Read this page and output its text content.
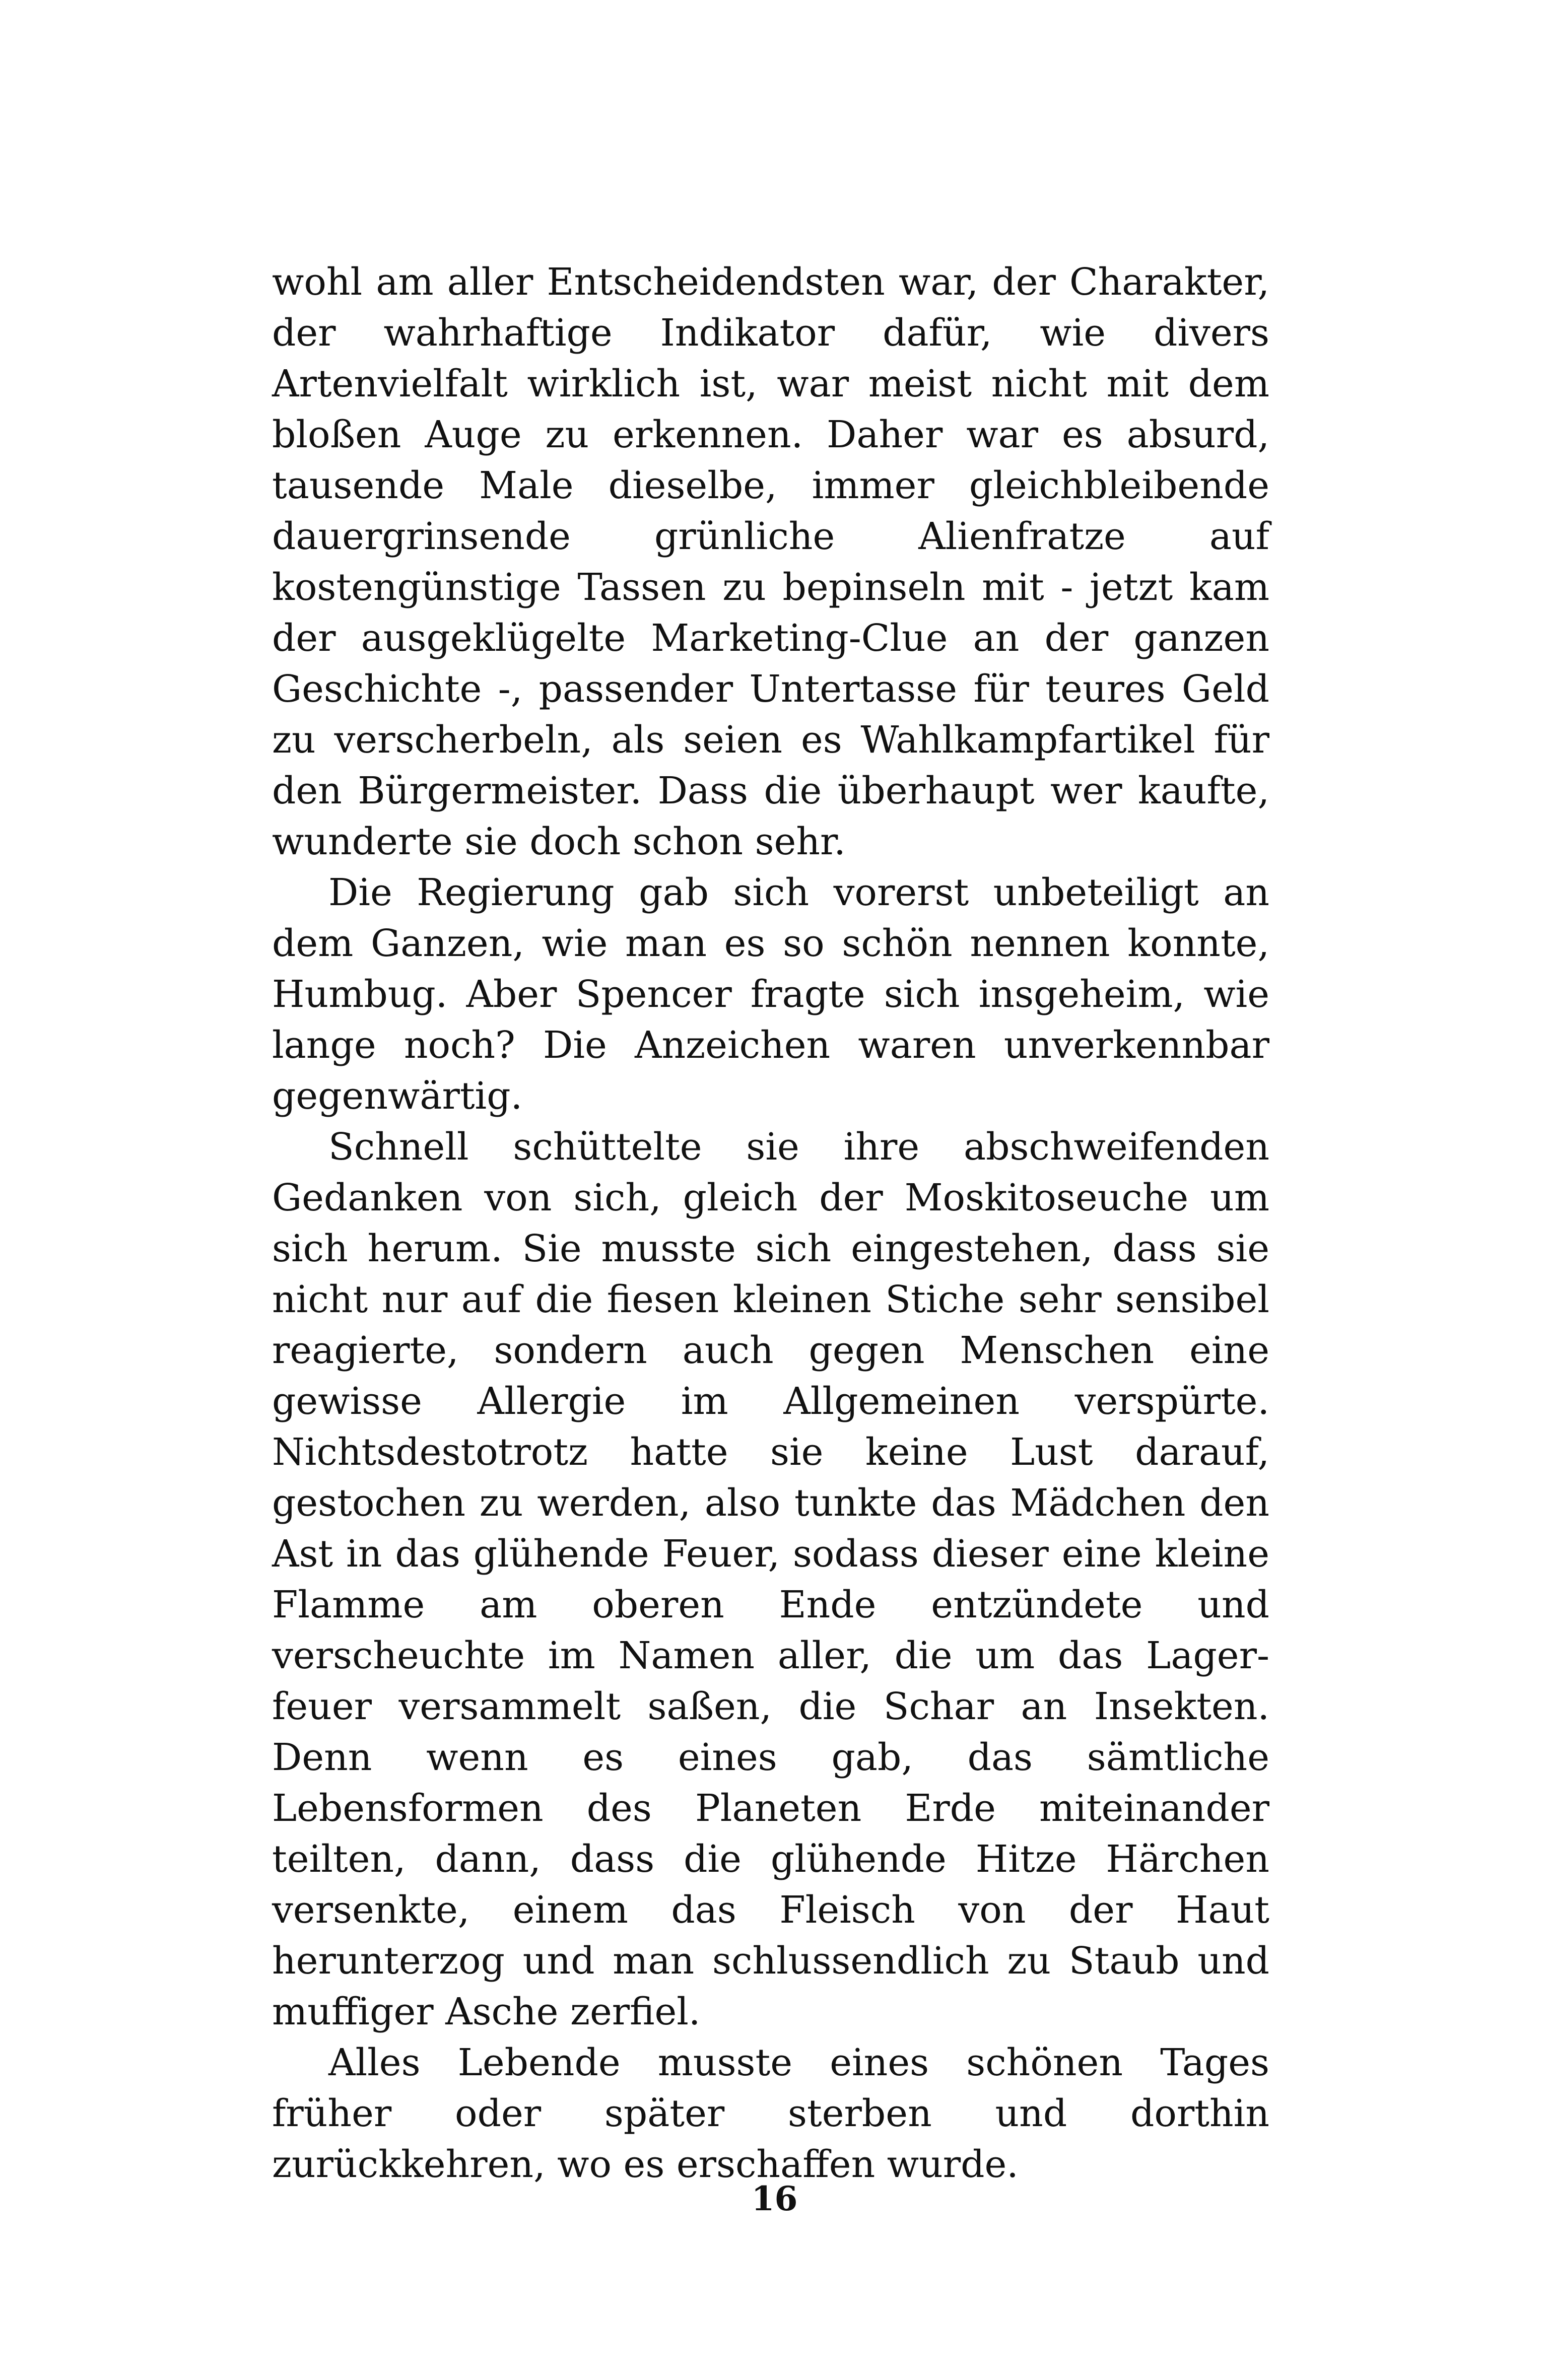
wohl am aller Entscheidendsten war, der Charakter, der wahrhaftige Indikator dafür, wie divers Artenvielfalt wirklich ist, war meist nicht mit dem bloßen Auge zu erkennen. Daher war es absurd, tausende Male dieselbe, immer gleichbleibende dauergrinsende grünliche Alienfratze auf kostengünstige Tassen zu bepinseln mit - jetzt kam der ausgeklügelte Marketing-Clue an der ganzen Geschichte -, passender Untertasse für teures Geld zu verscherbeln, als seien es Wahlkampfartikel für den Bürgermeister. Dass die überhaupt wer kaufte, wunderte sie doch schon sehr.

Die Regierung gab sich vorerst unbeteiligt an dem Ganzen, wie man es so schön nennen konnte, Humbug. Aber Spencer fragte sich insgeheim, wie lange noch? Die Anzeichen waren unverkennbar gegenwärtig.

Schnell schüttelte sie ihre abschweifenden Gedanken von sich, gleich der Moskitoseuche um sich herum. Sie musste sich eingestehen, dass sie nicht nur auf die fiesen kleinen Stiche sehr sensibel reagierte, sondern auch gegen Menschen eine gewisse Allergie im Allgemeinen verspürte. Nichtsdestotrotz hatte sie keine Lust darauf, gestochen zu werden, also tunkte das Mädchen den Ast in das glühende Feuer, sodass dieser eine kleine Flamme am oberen Ende entzündete und verscheuchte im Namen aller, die um das Lagerfeuer versammelt saßen, die Schar an Insekten. Denn wenn es eines gab, das sämtliche Lebensformen des Planeten Erde miteinander teilten, dann, dass die glühende Hitze Härchen versenkte, einem das Fleisch von der Haut herunterzog und man schlussendlich zu Staub und muffiger Asche zerfiel.

Alles Lebende musste eines schönen Tages früher oder später sterben und dorthin zurückkehren, wo es erschaffen wurde.

16
